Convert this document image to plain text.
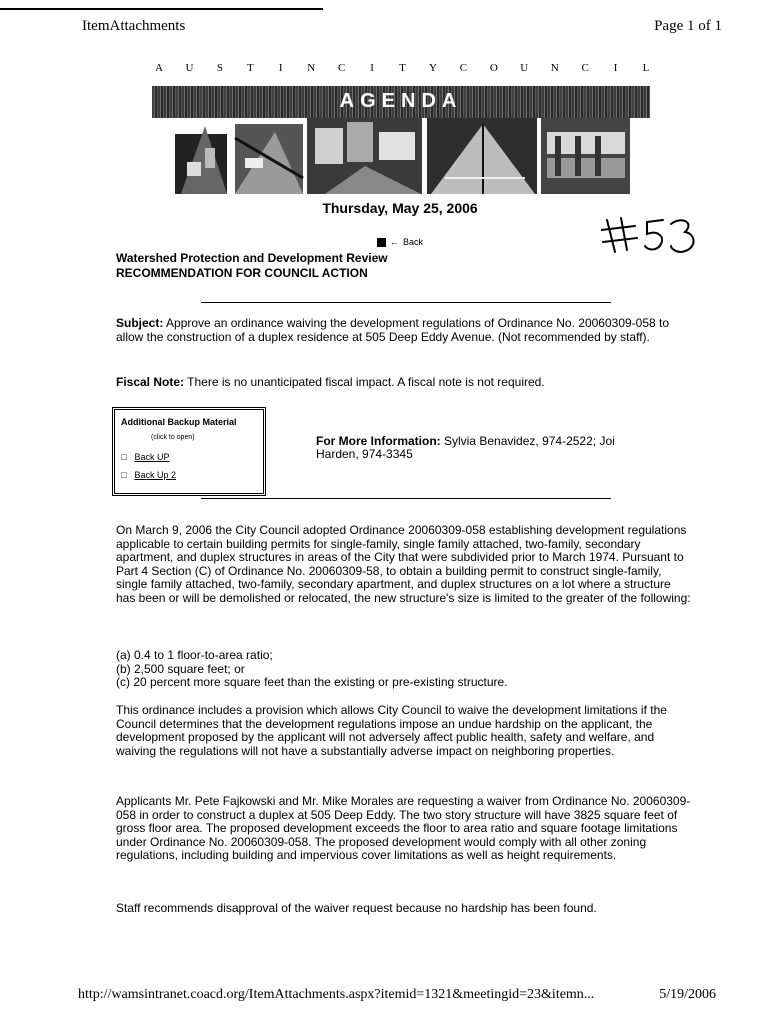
ItemAttachments	Page 1 of 1
A	U	S	T	I	N	C	I	T	Y	C	O	U	N	C	I	L
AGENDA
Thursday, May 25, 2006
← Back
Watershed Protection and Development Review
RECOMMENDATION FOR COUNCIL ACTION
Subject: Approve an ordinance waiving the development regulations of Ordinance No. 20060309-058 to allow the construction of a duplex residence at 505 Deep Eddy Avenue. (Not recommended by staff).
Fiscal Note: There is no unanticipated fiscal impact. A fiscal note is not required.
Additional Backup Material
(click to open)
□ Back UP
□ Back Up 2
For More Information: Sylvia Benavidez, 974-2522; Joi Harden, 974-3345
On March 9, 2006 the City Council adopted Ordinance 20060309-058 establishing development regulations applicable to certain building permits for single-family, single family attached, two-family, secondary apartment, and duplex structures in areas of the City that were subdivided prior to March 1974. Pursuant to Part 4 Section (C) of Ordinance No. 20060309-58, to obtain a building permit to construct single-family, single family attached, two-family, secondary apartment, and duplex structures on a lot where a structure has been or will be demolished or relocated, the new structure's size is limited to the greater of the following:
(a) 0.4 to 1 floor-to-area ratio;
(b) 2,500 square feet; or
(c) 20 percent more square feet than the existing or pre-existing structure.
This ordinance includes a provision which allows City Council to waive the development limitations if the Council determines that the development regulations impose an undue hardship on the applicant, the development proposed by the applicant will not adversely affect public health, safety and welfare, and waiving the regulations will not have a substantially adverse impact on neighboring properties.
Applicants Mr. Pete Fajkowski and Mr. Mike Morales are requesting a waiver from Ordinance No. 20060309-058 in order to construct a duplex at 505 Deep Eddy. The two story structure will have 3825 square feet of gross floor area. The proposed development exceeds the floor to area ratio and square footage limitations under Ordinance No. 20060309-058. The proposed development would comply with all other zoning regulations, including building and impervious cover limitations as well as height requirements.
Staff recommends disapproval of the waiver request because no hardship has been found.
http://wamsintranet.coacd.org/ItemAttachments.aspx?itemid=1321&meetingid=23&itemn...	5/19/2006
